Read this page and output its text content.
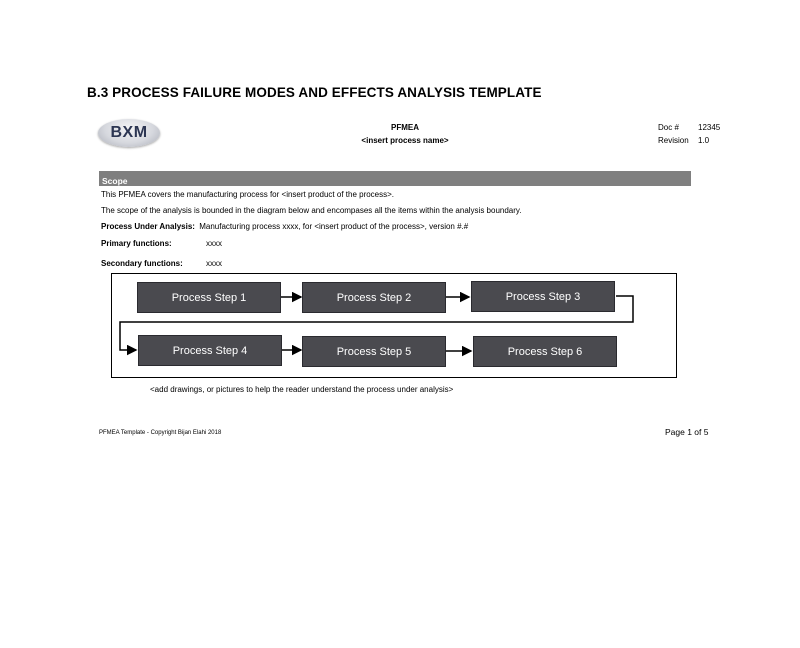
B.3 PROCESS FAILURE MODES AND EFFECTS ANALYSIS TEMPLATE
BXM	PFMEA
<insert process name>
Doc # 12345
Revision 1.0
Scope
This PFMEA covers the manufacturing process for <insert product of the process>.
The scope of the analysis is bounded in the diagram below and encompases all the items within the analysis boundary.
Process Under Analysis: Manufacturing process xxxx, for <insert product of the process>, version #.#
Primary functions:	xxxx
Secondary functions:	xxxx
Process Step 1	Process Step 2	Process Step 3
Process Step 4	Process Step 5	Process Step 6
<add drawings, or pictures to help the reader understand the process under analysis>
PFMEA Template - Copyright Bijan Elahi 2018	Page 1 of 5
